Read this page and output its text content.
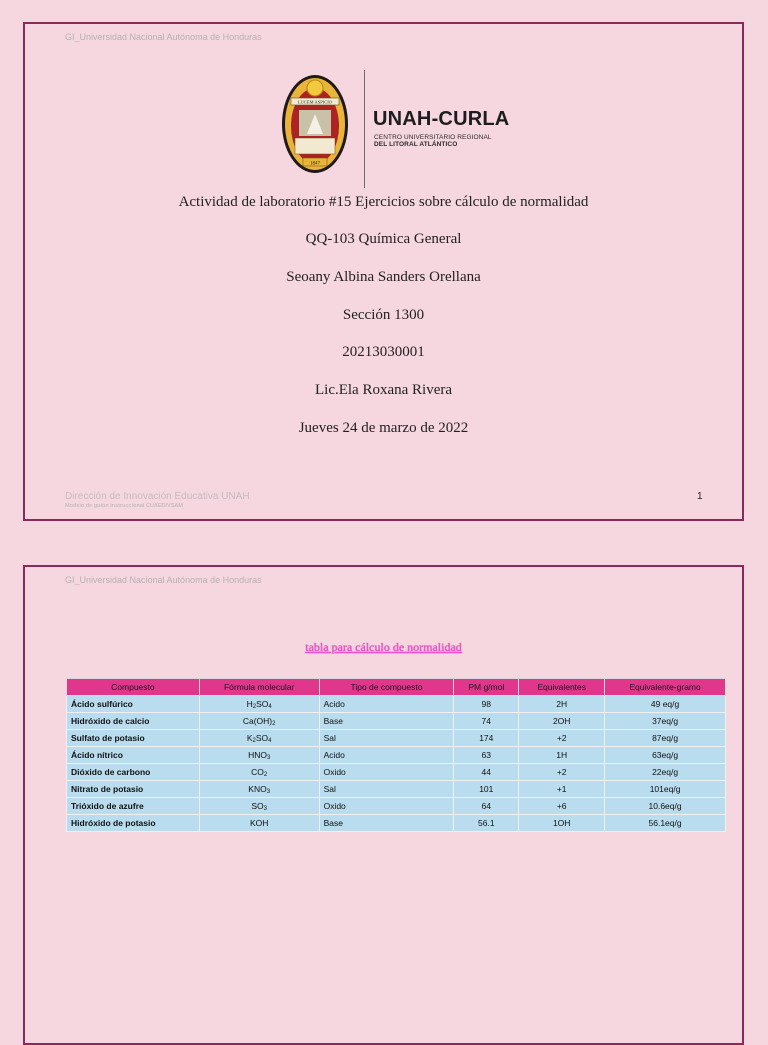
GI_Universidad Nacional Autónoma de Honduras
LUCEM ASPICIO
1847
UNAH-CURLA
CENTRO UNIVERSITARIO REGIONAL
DEL LITORAL ATLÁNTICO
Actividad de laboratorio #15 Ejercicios sobre cálculo de normalidad
QQ-103 Química General
Seoany Albina Sanders Orellana
Sección 1300
20213030001
Lic.Ela Roxana Rivera
Jueves 24 de marzo de 2022
Dirección de Innovación Educativa UNAH
Modelo de guión instruccional CUAED/VSAM
1
GI_Universidad Nacional Autónoma de Honduras
tabla para cálculo de normalidad
Compuesto	Fórmula molecular	Tipo de compuesto	PM g/mol	Equivalentes	Equivalente-gramo
Ácido sulfúrico	$H_2SO_4$	Acido	98	2H	49 eq/g
Hidróxido de calcio	$Ca(OH)_2$	Base	74	2OH	37eq/g
Sulfato de potasio	$K_2SO_4$	Sal	174	+2	87eq/g
Ácido nítrico	$HNO_3$	Acido	63	1H	63eq/g
Dióxido de carbono	$CO_2$	Oxido	44	+2	22eq/g
Nitrato de potasio	$KNO_3$	Sal	101	+1	101eq/g
Trióxido de azufre	$SO_3$	Oxido	64	+6	10.6eq/g
Hidróxido de potasio	KOH	Base	56.1	1OH	56.1eq/g
